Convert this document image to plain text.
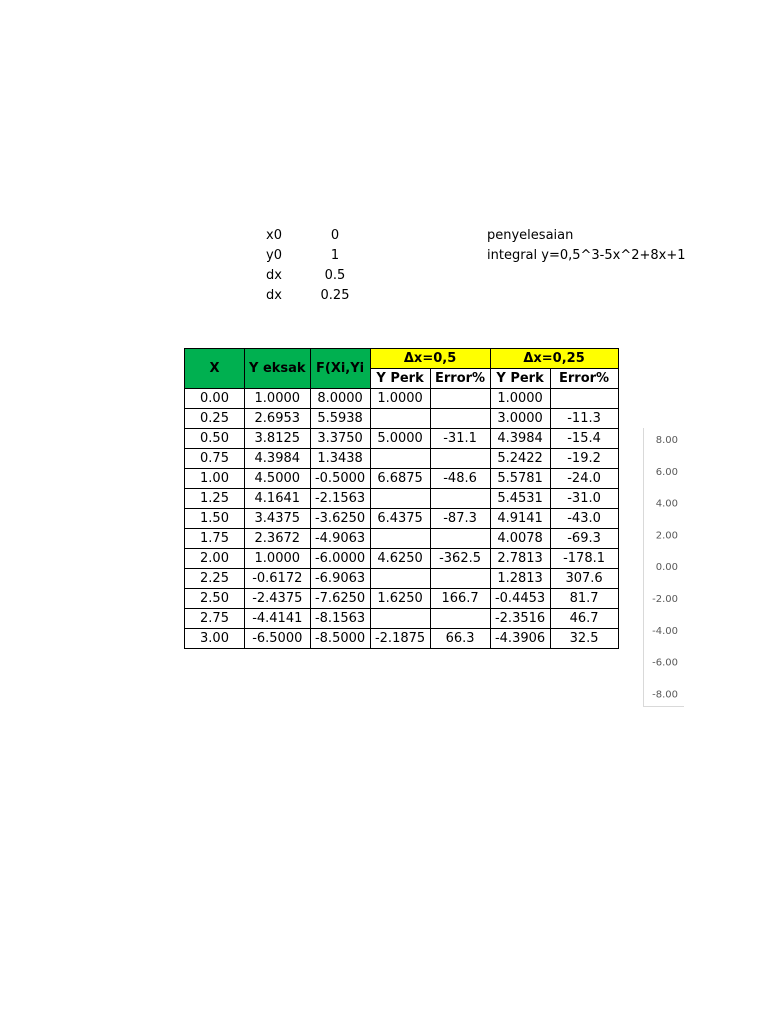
x0	0
y0	1
dx	0.5
dx	0.25
penyelesaian
integral y=0,5^3-5x^2+8x+1
X	Y eksak	F(Xi,Yi	Δx=0,5		Δx=0,25	
			Y Perk	Error%	Y Perk	Error%
0.00	1.0000	8.0000	1.0000		1.0000	
0.25	2.6953	5.5938			3.0000	-11.3
0.50	3.8125	3.3750	5.0000	-31.1	4.3984	-15.4
0.75	4.3984	1.3438			5.2422	-19.2
1.00	4.5000	-0.5000	6.6875	-48.6	5.5781	-24.0
1.25	4.1641	-2.1563			5.4531	-31.0
1.50	3.4375	-3.6250	6.4375	-87.3	4.9141	-43.0
1.75	2.3672	-4.9063			4.0078	-69.3
2.00	1.0000	-6.0000	4.6250	-362.5	2.7813	-178.1
2.25	-0.6172	-6.9063			1.2813	307.6
2.50	-2.4375	-7.6250	1.6250	166.7	-0.4453	81.7
2.75	-4.4141	-8.1563			-2.3516	46.7
3.00	-6.5000	-8.5000	-2.1875	66.3	-4.3906	32.5
8.00
6.00
4.00
2.00
0.00
-2.00
-4.00
-6.00
-8.00
